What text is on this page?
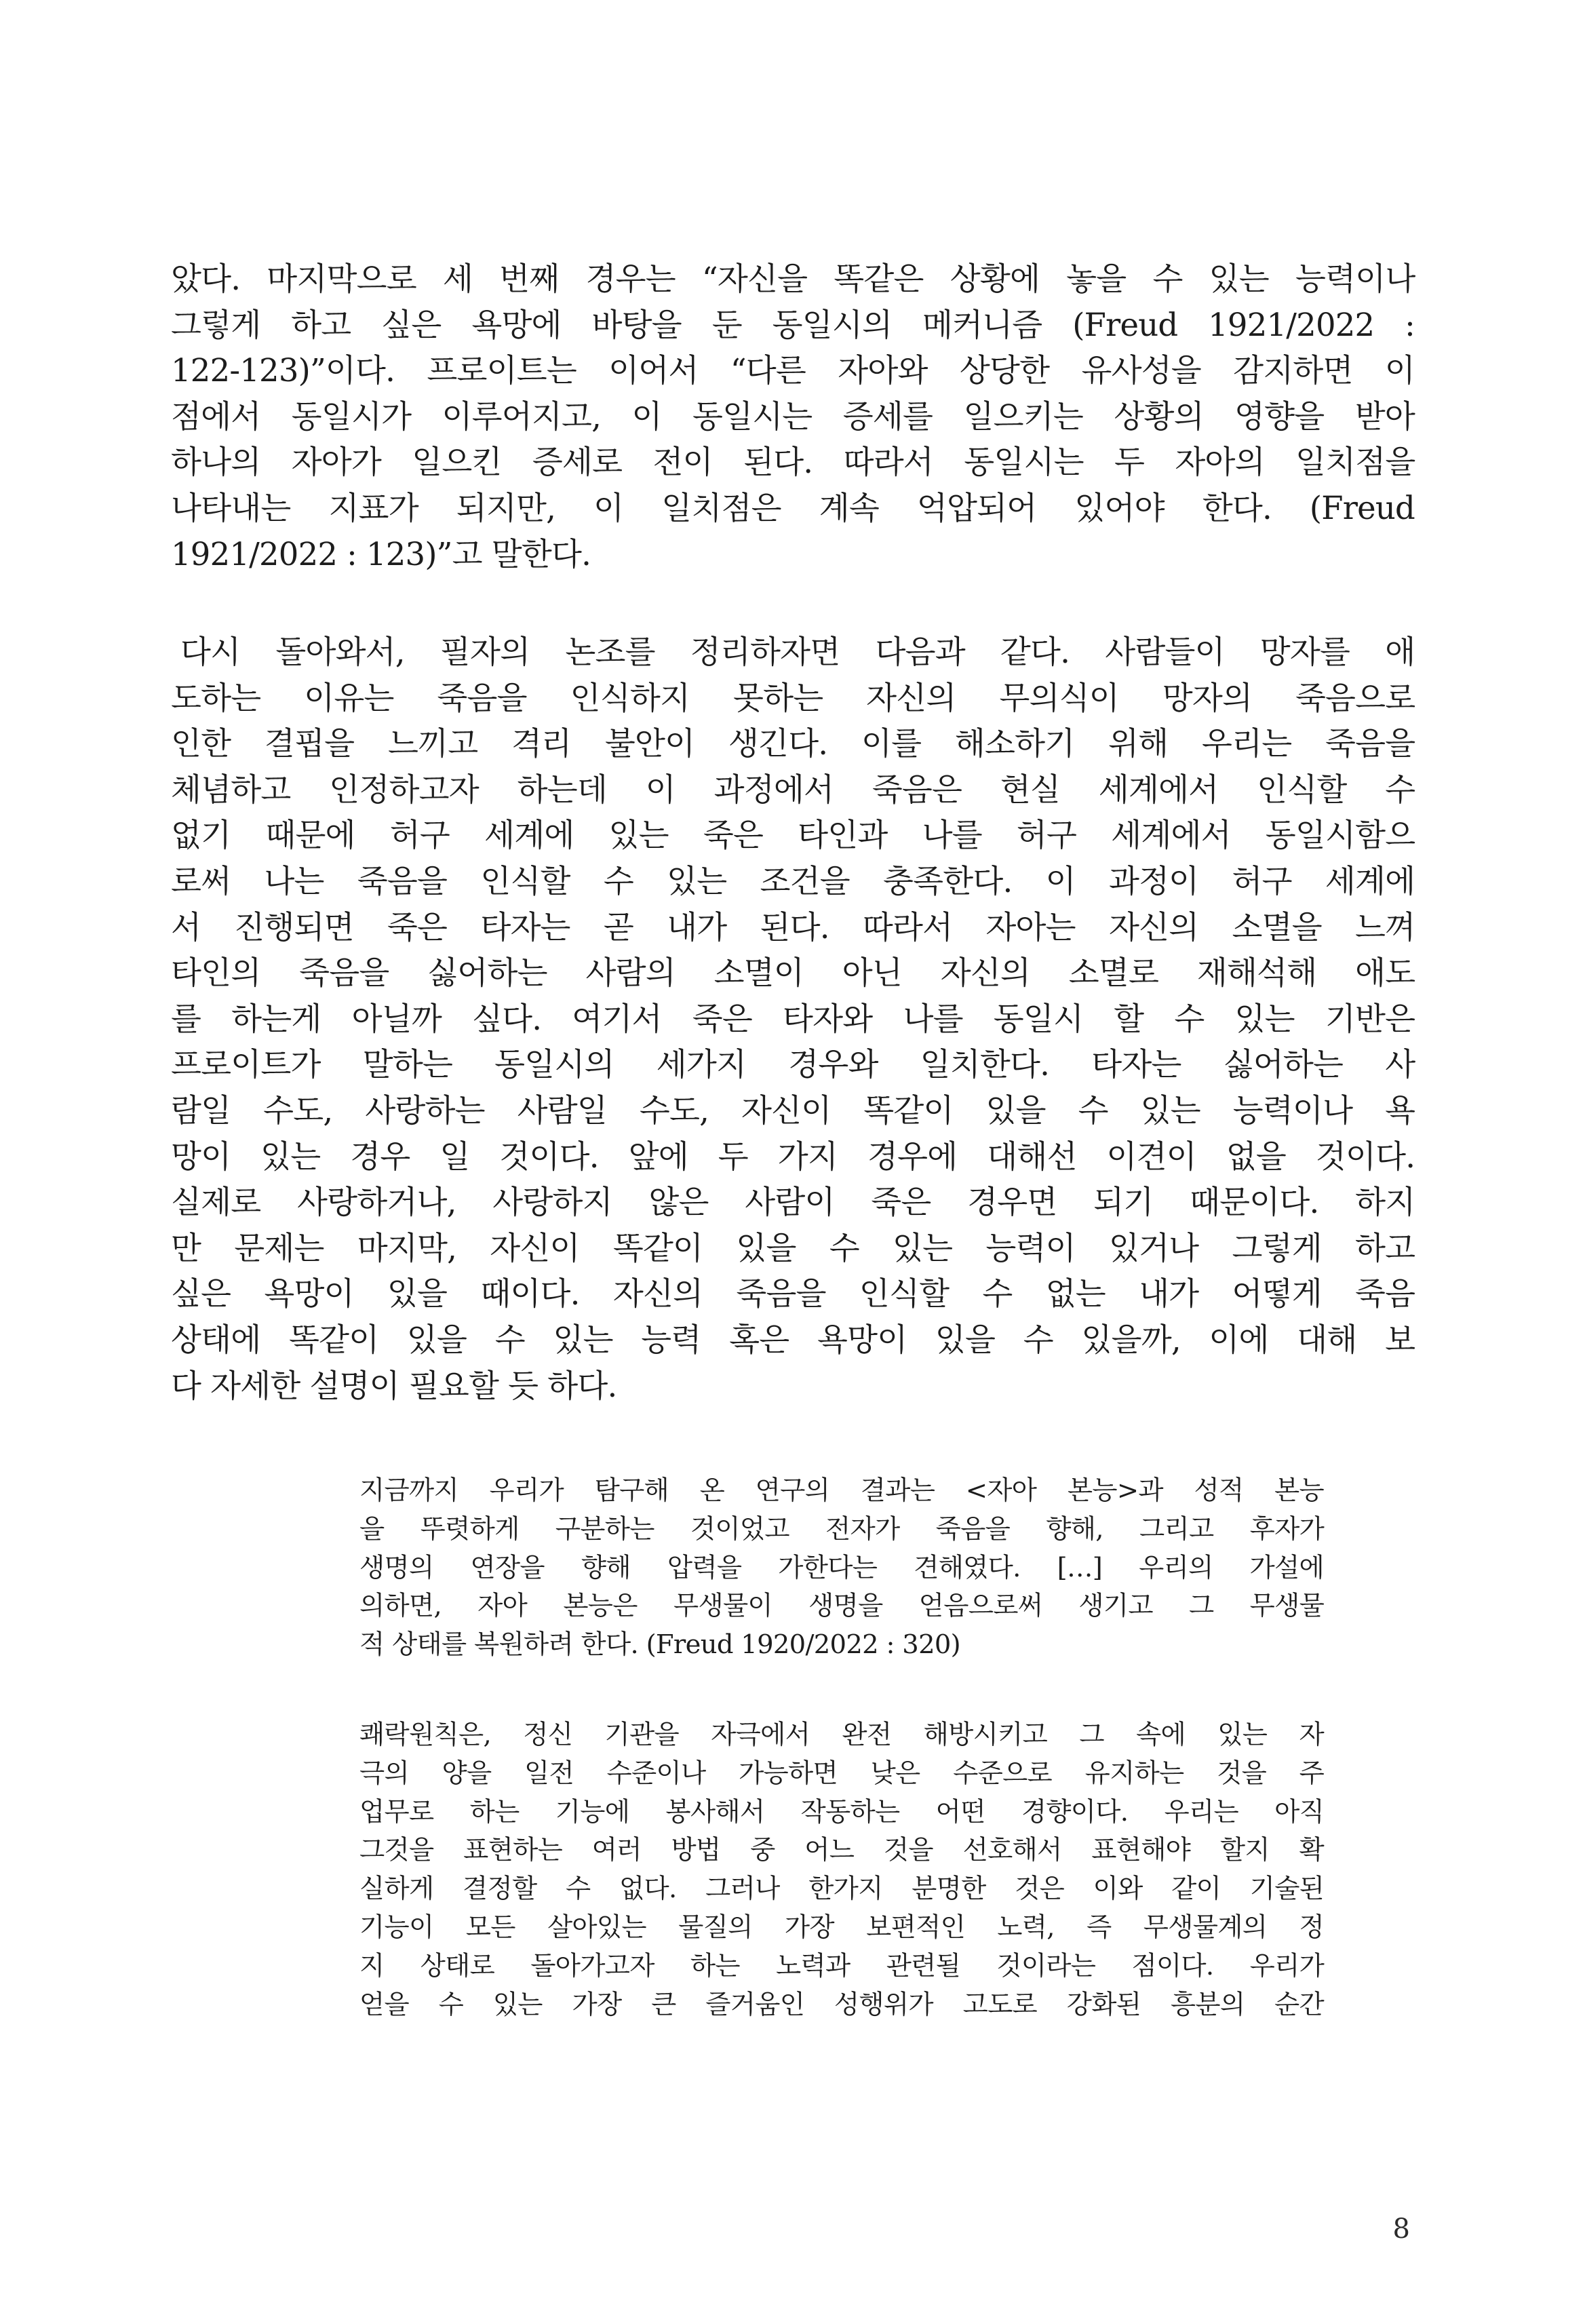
았다. 마지막으로 세 번째 경우는 “자신을 똑같은 상황에 놓을 수 있는 능력이나
그렇게 하고 싶은 욕망에 바탕을 둔 동일시의 메커니즘 (Freud 1921/2022 :
122-123)”이다. 프로이트는 이어서 “다른 자아와 상당한 유사성을 감지하면 이
점에서 동일시가 이루어지고, 이 동일시는 증세를 일으키는 상황의 영향을 받아
하나의 자아가 일으킨 증세로 전이 된다. 따라서 동일시는 두 자아의 일치점을
나타내는 지표가 되지만, 이 일치점은 계속 억압되어 있어야 한다. (Freud
1921/2022 : 123)”고 말한다.
다시 돌아와서, 필자의 논조를 정리하자면 다음과 같다. 사람들이 망자를 애
도하는 이유는 죽음을 인식하지 못하는 자신의 무의식이 망자의 죽음으로
인한 결핍을 느끼고 격리 불안이 생긴다. 이를 해소하기 위해 우리는 죽음을
체념하고 인정하고자 하는데 이 과정에서 죽음은 현실 세계에서 인식할 수
없기 때문에 허구 세계에 있는 죽은 타인과 나를 허구 세계에서 동일시함으
로써 나는 죽음을 인식할 수 있는 조건을 충족한다. 이 과정이 허구 세계에
서 진행되면 죽은 타자는 곧 내가 된다. 따라서 자아는 자신의 소멸을 느껴
타인의 죽음을 싫어하는 사람의 소멸이 아닌 자신의 소멸로 재해석해 애도
를 하는게 아닐까 싶다. 여기서 죽은 타자와 나를 동일시 할 수 있는 기반은
프로이트가 말하는 동일시의 세가지 경우와 일치한다. 타자는 싫어하는 사
람일 수도, 사랑하는 사람일 수도, 자신이 똑같이 있을 수 있는 능력이나 욕
망이 있는 경우 일 것이다. 앞에 두 가지 경우에 대해선 이견이 없을 것이다.
실제로 사랑하거나, 사랑하지 않은 사람이 죽은 경우면 되기 때문이다. 하지
만 문제는 마지막, 자신이 똑같이 있을 수 있는 능력이 있거나 그렇게 하고
싶은 욕망이 있을 때이다. 자신의 죽음을 인식할 수 없는 내가 어떻게 죽음
상태에 똑같이 있을 수 있는 능력 혹은 욕망이 있을 수 있을까, 이에 대해 보
다 자세한 설명이 필요할 듯 하다.
지금까지 우리가 탐구해 온 연구의 결과는 <자아 본능>과 성적 본능
을 뚜렷하게 구분하는 것이었고 전자가 죽음을 향해, 그리고 후자가
생명의 연장을 향해 압력을 가한다는 견해였다. […] 우리의 가설에
의하면, 자아 본능은 무생물이 생명을 얻음으로써 생기고 그 무생물
적 상태를 복원하려 한다. (Freud 1920/2022 : 320)
쾌락원칙은, 정신 기관을 자극에서 완전 해방시키고 그 속에 있는 자
극의 양을 일전 수준이나 가능하면 낮은 수준으로 유지하는 것을 주
업무로 하는 기능에 봉사해서 작동하는 어떤 경향이다. 우리는 아직
그것을 표현하는 여러 방법 중 어느 것을 선호해서 표현해야 할지 확
실하게 결정할 수 없다. 그러나 한가지 분명한 것은 이와 같이 기술된
기능이 모든 살아있는 물질의 가장 보편적인 노력, 즉 무생물계의 정
지 상태로 돌아가고자 하는 노력과 관련될 것이라는 점이다. 우리가
얻을 수 있는 가장 큰 즐거움인 성행위가 고도로 강화된 흥분의 순간
8
